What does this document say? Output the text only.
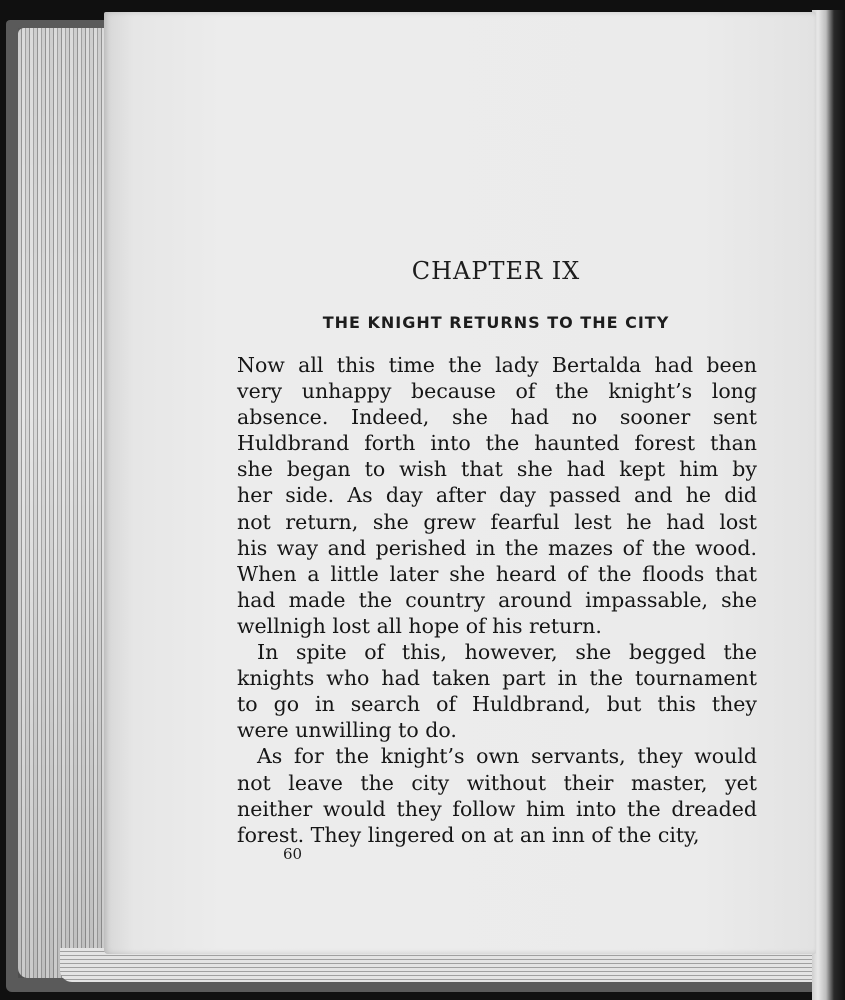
CHAPTER IX
THE KNIGHT RETURNS TO THE CITY
Now all this time the lady Bertalda had been
very unhappy because of the knight’s long
absence. Indeed, she had no sooner sent
Huldbrand forth into the haunted forest than
she began to wish that she had kept him by
her side. As day after day passed and he did
not return, she grew fearful lest he had lost
his way and perished in the mazes of the wood.
When a little later she heard of the floods that
had made the country around impassable, she
wellnigh lost all hope of his return.
In spite of this, however, she begged the
knights who had taken part in the tournament
to go in search of Huldbrand, but this they
were unwilling to do.
As for the knight’s own servants, they would
not leave the city without their master, yet
neither would they follow him into the dreaded
forest. They lingered on at an inn of the city,
60
